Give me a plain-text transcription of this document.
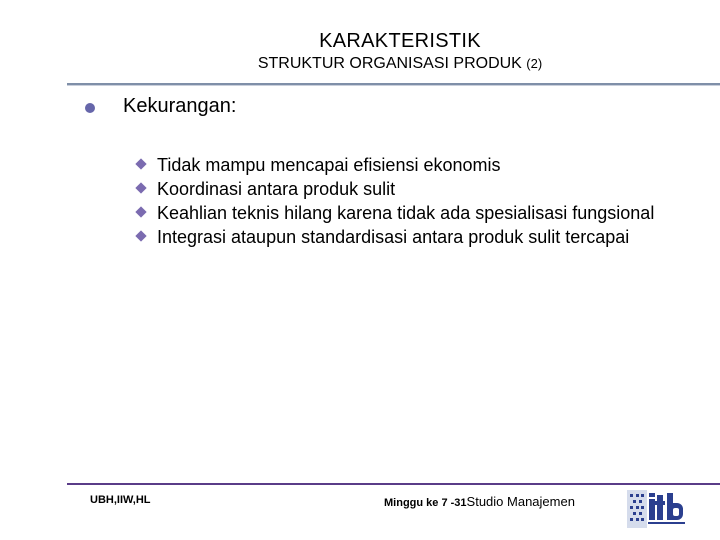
KARAKTERISTIK
STRUKTUR ORGANISASI PRODUK (2)
Kekurangan:
Tidak mampu mencapai efisiensi ekonomis
Koordinasi antara produk sulit
Keahlian teknis hilang karena tidak ada spesialisasi fungsional
Integrasi ataupun standardisasi antara produk sulit tercapai
UBH,IIW,HL	Minggu ke 7 -31Studio Manajemen
